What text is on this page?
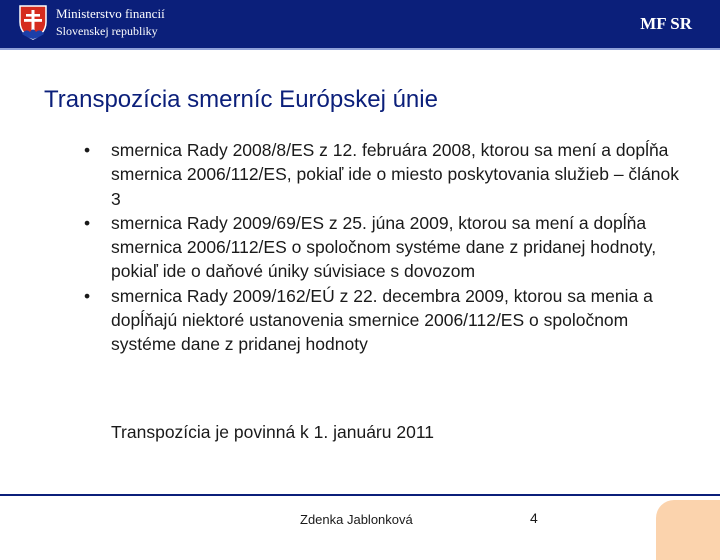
Ministerstvo financií
Slovenskej republiky	MF SR
Transpozícia smerníc Európskej únie
• smernica Rady 2008/8/ES z 12. februára 2008, ktorou sa mení a dopĺňa smernica 2006/112/ES, pokiaľ ide o miesto poskytovania služieb – článok 3
• smernica Rady 2009/69/ES z 25. júna 2009, ktorou sa mení a dopĺňa smernica 2006/112/ES o spoločnom systéme dane z pridanej hodnoty, pokiaľ ide o daňové úniky súvisiace s dovozom
• smernica Rady 2009/162/EÚ z 22. decembra 2009, ktorou sa menia a dopĺňajú niektoré ustanovenia smernice 2006/112/ES o spoločnom systéme dane z pridanej hodnoty
Transpozícia je povinná k 1. januáru 2011
Zdenka Jablonková	4
